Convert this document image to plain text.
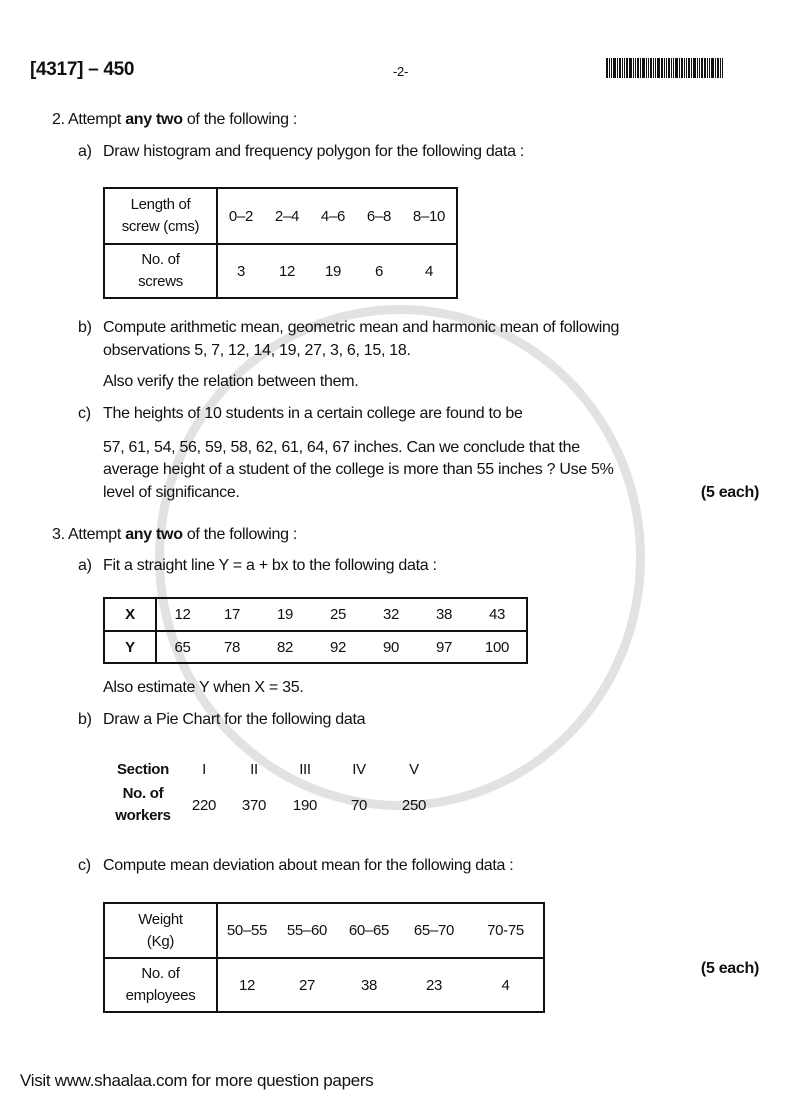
[4317] – 450	-2-
2. Attempt any two of the following :
a) Draw histogram and frequency polygon for the following data :
Length of
screw (cms)	0–2	2–4	4–6	6–8	8–10
No. of
screws	3	12	19	6	4
b) Compute arithmetic mean, geometric mean and harmonic mean of following
observations 5, 7, 12, 14, 19, 27, 3, 6, 15, 18.
Also verify the relation between them.
c) The heights of 10 students in a certain college are found to be
57, 61, 54, 56, 59, 58, 62, 61, 64, 67 inches. Can we conclude that the
average height of a student of the college is more than 55 inches ? Use 5%
level of significance.	(5 each)
3. Attempt any two of the following :
a) Fit a straight line Y = a + bx to the following data :
X	12 17 19 25 32 38 43
Y	65 78 82 92 90 97 100
Also estimate Y when X = 35.
b) Draw a Pie Chart for the following data
Section	I	II	III	IV	V
No. of
workers	220	370	190	70	250
c) Compute mean deviation about mean for the following data :
Weight
(Kg)	50–55	55–60	60–65	65–70	70-75
No. of
employees	12	27	38	23	4
(5 each)
Visit www.shaalaa.com for more question papers
